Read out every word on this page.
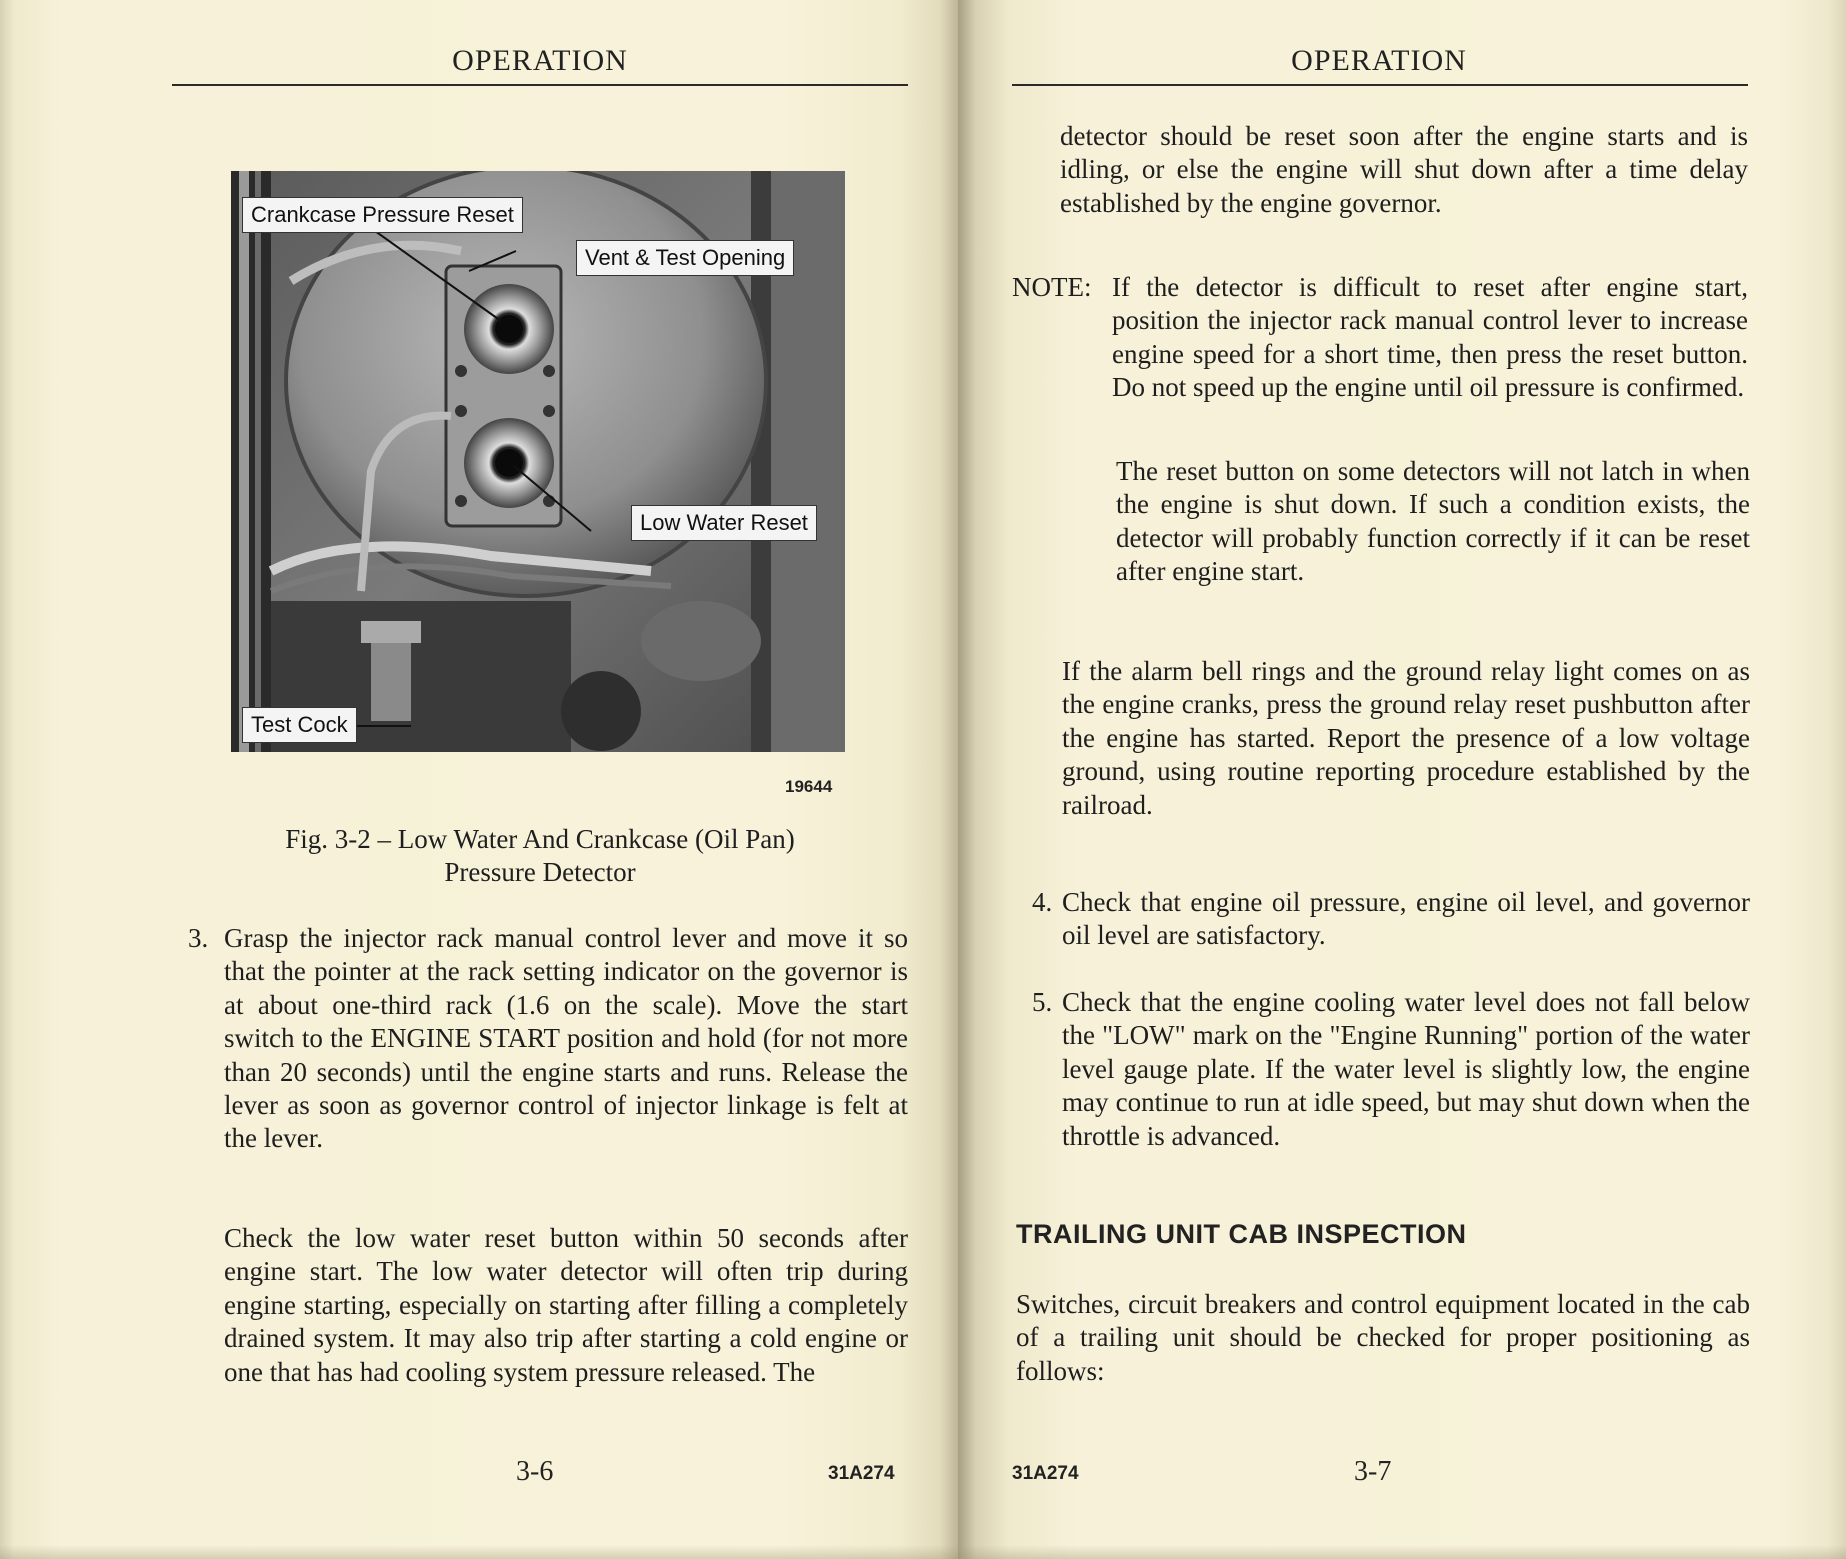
OPERATION
Crankcase Pressure Reset
Vent & Test Opening
Low Water Reset
Test Cock
19644
Fig. 3-2 – Low Water And Crankcase (Oil Pan)
Pressure Detector
3. Grasp the injector rack manual control lever and move it so that the pointer at the rack setting indicator on the governor is at about one-third rack (1.6 on the scale). Move the start switch to the ENGINE START position and hold (for not more than 20 seconds) until the engine starts and runs. Release the lever as soon as governor control of injector linkage is felt at the lever.
Check the low water reset button within 50 seconds after engine start. The low water detector will often trip during engine starting, especially on starting after filling a completely drained system. It may also trip after starting a cold engine or one that has had cooling system pressure released. The
3-6	31A274
OPERATION
detector should be reset soon after the engine starts and is idling, or else the engine will shut down after a time delay established by the engine governor.
NOTE: If the detector is difficult to reset after engine start, position the injector rack manual control lever to increase engine speed for a short time, then press the reset button. Do not speed up the engine until oil pressure is confirmed.
The reset button on some detectors will not latch in when the engine is shut down. If such a condition exists, the detector will probably function correctly if it can be reset after engine start.
If the alarm bell rings and the ground relay light comes on as the engine cranks, press the ground relay reset pushbutton after the engine has started. Report the presence of a low voltage ground, using routine reporting procedure established by the railroad.
4. Check that engine oil pressure, engine oil level, and governor oil level are satisfactory.
5. Check that the engine cooling water level does not fall below the "LOW" mark on the "Engine Running" portion of the water level gauge plate. If the water level is slightly low, the engine may continue to run at idle speed, but may shut down when the throttle is advanced.
TRAILING UNIT CAB INSPECTION
Switches, circuit breakers and control equipment located in the cab of a trailing unit should be checked for proper positioning as follows:
31A274	3-7
